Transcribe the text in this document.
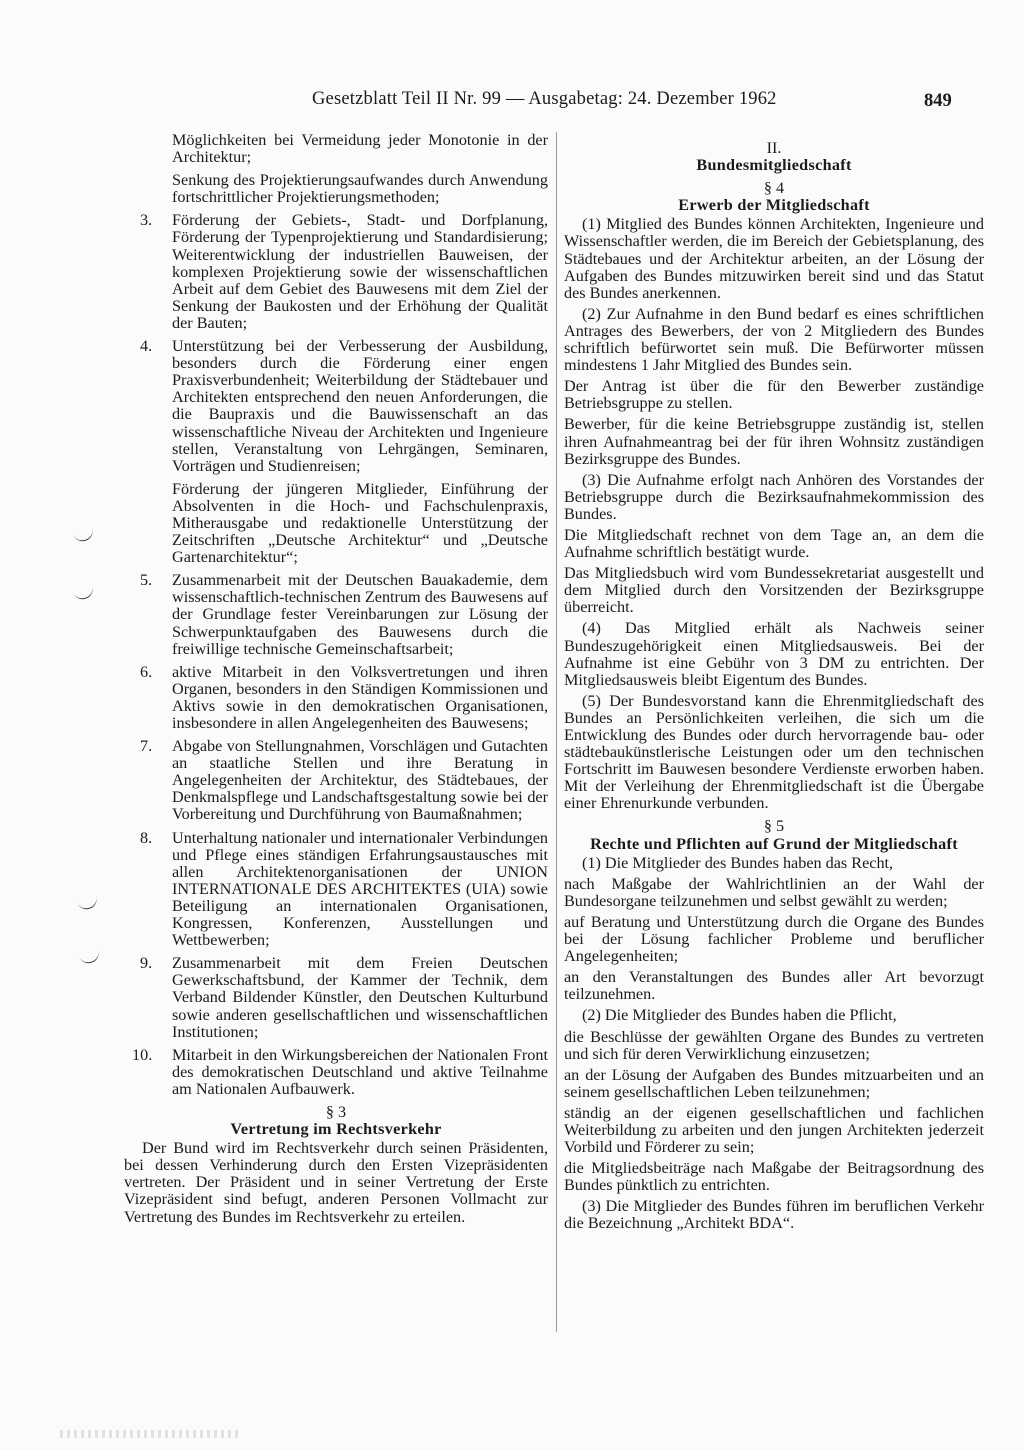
Gesetzblatt Teil II Nr. 99 — Ausgabetag: 24. Dezember 1962	849
Möglichkeiten bei Vermeidung jeder Monotonie in der Architektur;
Senkung des Projektierungsaufwandes durch Anwendung fortschrittlicher Projektierungsmethoden;
3. Förderung der Gebiets-, Stadt- und Dorfplanung, Förderung der Typenprojektierung und Standardisierung; Weiterentwicklung der industriellen Bauweisen, der komplexen Projektierung sowie der wissenschaftlichen Arbeit auf dem Gebiet des Bauwesens mit dem Ziel der Senkung der Baukosten und der Erhöhung der Qualität der Bauten;
4. Unterstützung bei der Verbesserung der Ausbildung, besonders durch die Förderung einer engen Praxisverbundenheit; Weiterbildung der Städtebauer und Architekten entsprechend den neuen Anforderungen, die die Baupraxis und die Bauwissenschaft an das wissenschaftliche Niveau der Architekten und Ingenieure stellen, Veranstaltung von Lehrgängen, Seminaren, Vorträgen und Studienreisen;
Förderung der jüngeren Mitglieder, Einführung der Absolventen in die Hoch- und Fachschulenpraxis, Mitherausgabe und redaktionelle Unterstützung der Zeitschriften „Deutsche Architektur“ und „Deutsche Gartenarchitektur“;
5. Zusammenarbeit mit der Deutschen Bauakademie, dem wissenschaftlich-technischen Zentrum des Bauwesens auf der Grundlage fester Vereinbarungen zur Lösung der Schwerpunktaufgaben des Bauwesens durch die freiwillige technische Gemeinschaftsarbeit;
6. aktive Mitarbeit in den Volksvertretungen und ihren Organen, besonders in den Ständigen Kommissionen und Aktivs sowie in den demokratischen Organisationen, insbesondere in allen Angelegenheiten des Bauwesens;
7. Abgabe von Stellungnahmen, Vorschlägen und Gutachten an staatliche Stellen und ihre Beratung in Angelegenheiten der Architektur, des Städtebaues, der Denkmalspflege und Landschaftsgestaltung sowie bei der Vorbereitung und Durchführung von Baumaßnahmen;
8. Unterhaltung nationaler und internationaler Verbindungen und Pflege eines ständigen Erfahrungsaustausches mit allen Architektenorganisationen der UNION INTERNATIONALE DES ARCHITEKTES (UIA) sowie Beteiligung an internationalen Organisationen, Kongressen, Konferenzen, Ausstellungen und Wettbewerben;
9. Zusammenarbeit mit dem Freien Deutschen Gewerkschaftsbund, der Kammer der Technik, dem Verband Bildender Künstler, den Deutschen Kulturbund sowie anderen gesellschaftlichen und wissenschaftlichen Institutionen;
10. Mitarbeit in den Wirkungsbereichen der Nationalen Front des demokratischen Deutschland und aktive Teilnahme am Nationalen Aufbauwerk.
§ 3
Vertretung im Rechtsverkehr

Der Bund wird im Rechtsverkehr durch seinen Präsidenten, bei dessen Verhinderung durch den Ersten Vizepräsidenten vertreten. Der Präsident und in seiner Vertretung der Erste Vizepräsident sind befugt, anderen Personen Vollmacht zur Vertretung des Bundes im Rechtsverkehr zu erteilen.

II.
Bundesmitgliedschaft
§ 4
Erwerb der Mitgliedschaft

(1) Mitglied des Bundes können Architekten, Ingenieure und Wissenschaftler werden, die im Bereich der Gebietsplanung, des Städtebaues und der Architektur arbeiten, an der Lösung der Aufgaben des Bundes mitzuwirken bereit sind und das Statut des Bundes anerkennen.

(2) Zur Aufnahme in den Bund bedarf es eines schriftlichen Antrages des Bewerbers, der von 2 Mitgliedern des Bundes schriftlich befürwortet sein muß. Die Befürworter müssen mindestens 1 Jahr Mitglied des Bundes sein.

Der Antrag ist über die für den Bewerber zuständige Betriebsgruppe zu stellen.

Bewerber, für die keine Betriebsgruppe zuständig ist, stellen ihren Aufnahmeantrag bei der für ihren Wohnsitz zuständigen Bezirksgruppe des Bundes.

(3) Die Aufnahme erfolgt nach Anhören des Vorstandes der Betriebsgruppe durch die Bezirksaufnahmekommission des Bundes.

Die Mitgliedschaft rechnet von dem Tage an, an dem die Aufnahme schriftlich bestätigt wurde.

Das Mitgliedsbuch wird vom Bundessekretariat ausgestellt und dem Mitglied durch den Vorsitzenden der Bezirksgruppe überreicht.

(4) Das Mitglied erhält als Nachweis seiner Bundeszugehörigkeit einen Mitgliedsausweis. Bei der Aufnahme ist eine Gebühr von 3 DM zu entrichten. Der Mitgliedsausweis bleibt Eigentum des Bundes.

(5) Der Bundesvorstand kann die Ehrenmitgliedschaft des Bundes an Persönlichkeiten verleihen, die sich um die Entwicklung des Bundes oder durch hervorragende bau- oder städtebaukünstlerische Leistungen oder um den technischen Fortschritt im Bauwesen besondere Verdienste erworben haben. Mit der Verleihung der Ehrenmitgliedschaft ist die Übergabe einer Ehrenurkunde verbunden.

§ 5
Rechte und Pflichten auf Grund der Mitgliedschaft

(1) Die Mitglieder des Bundes haben das Recht,

nach Maßgabe der Wahlrichtlinien an der Wahl der Bundesorgane teilzunehmen und selbst gewählt zu werden;

auf Beratung und Unterstützung durch die Organe des Bundes bei der Lösung fachlicher Probleme und beruflicher Angelegenheiten;

an den Veranstaltungen des Bundes aller Art bevorzugt teilzunehmen.

(2) Die Mitglieder des Bundes haben die Pflicht,

die Beschlüsse der gewählten Organe des Bundes zu vertreten und sich für deren Verwirklichung einzusetzen;

an der Lösung der Aufgaben des Bundes mitzuarbeiten und an seinem gesellschaftlichen Leben teilzunehmen;

ständig an der eigenen gesellschaftlichen und fachlichen Weiterbildung zu arbeiten und den jungen Architekten jederzeit Vorbild und Förderer zu sein;

die Mitgliedsbeiträge nach Maßgabe der Beitragsordnung des Bundes pünktlich zu entrichten.

(3) Die Mitglieder des Bundes führen im beruflichen Verkehr die Bezeichnung „Architekt BDA“.
